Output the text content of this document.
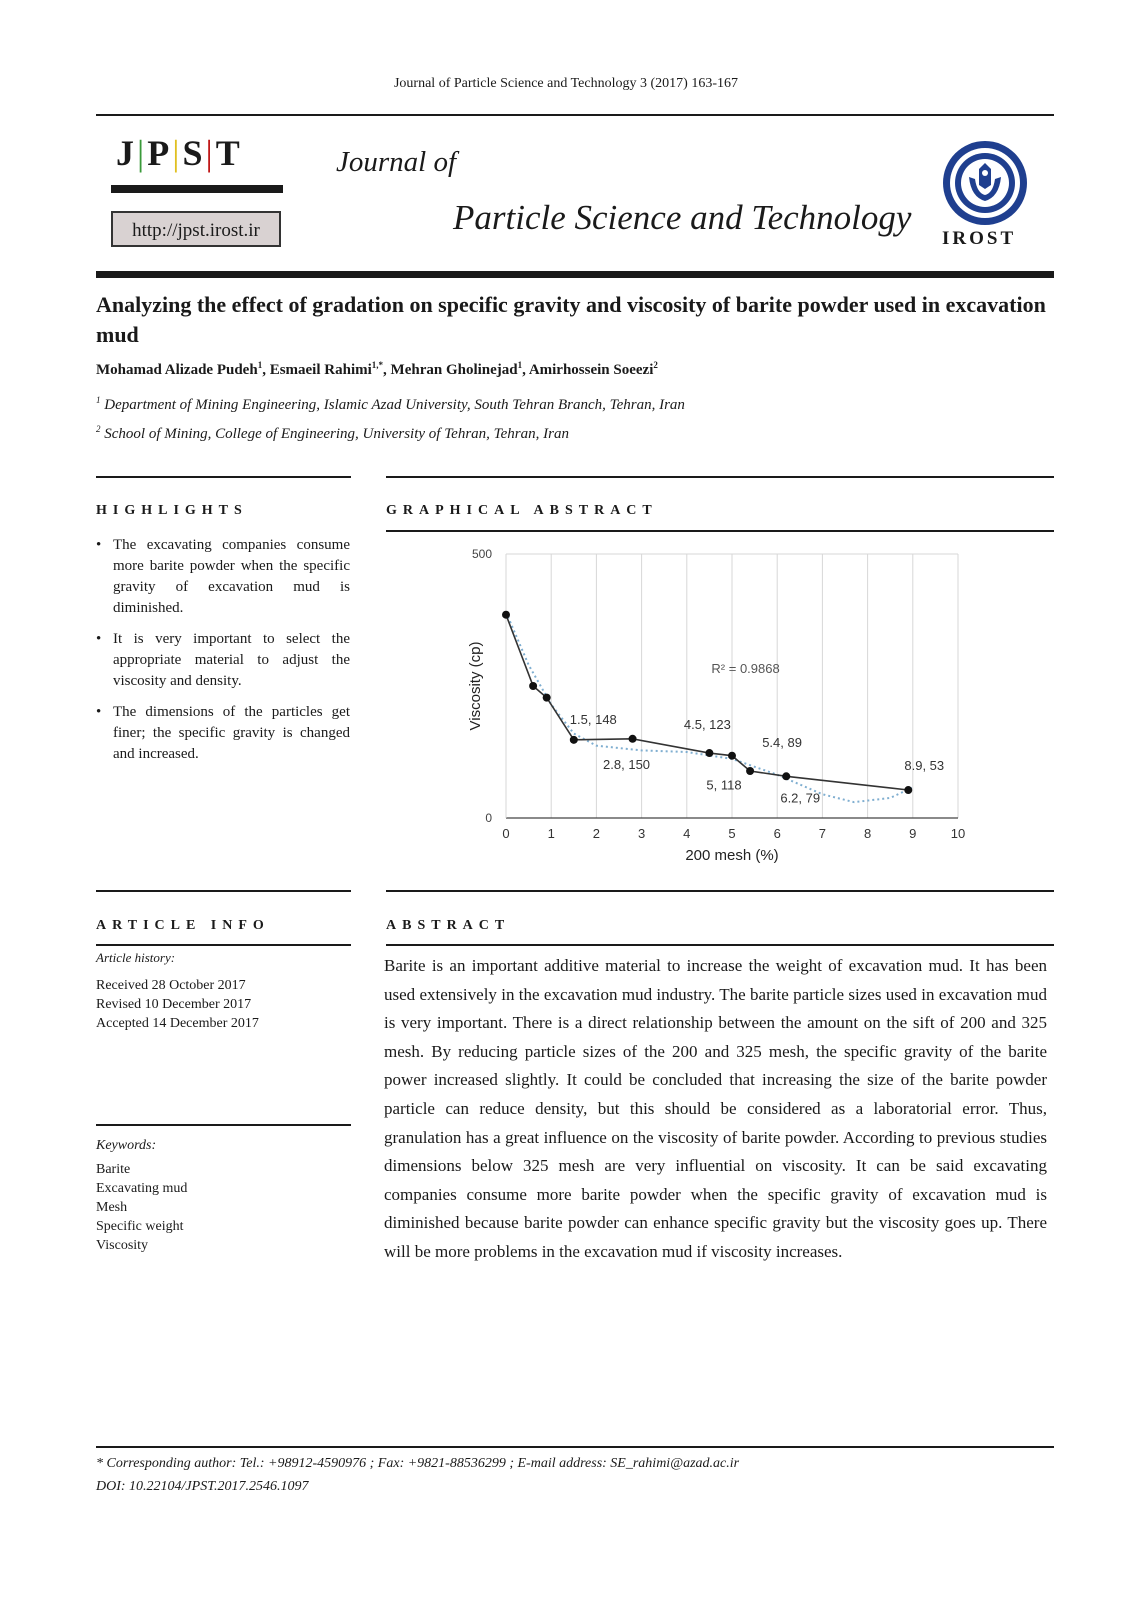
Journal of Particle Science and Technology 3 (2017) 163-167
J|P|S|T
http://jpst.irost.ir
Journal of
Particle Science and Technology
IROST
Analyzing the effect of gradation on specific gravity and viscosity of barite powder used in excavation mud
Mohamad Alizade Pudeh$^1$, Esmaeil Rahimi$^{1,*}$, Mehran Gholinejad$^1$, Amirhossein Soeezi$^2$
$^1$ Department of Mining Engineering, Islamic Azad University, South Tehran Branch, Tehran, Iran
$^2$ School of Mining, College of Engineering, University of Tehran, Tehran, Iran
HIGHLIGHTS
• The excavating companies consume more barite powder when the specific gravity of excavation mud is diminished.
• It is very important to select the appropriate material to adjust the viscosity and density.
• The dimensions of the particles get finer; the specific gravity is changed and increased.
GRAPHICAL ABSTRACT
0	1	2	3	4	5	6	7	8	9	10
0
500
200 mesh (%)
Viscosity (cp)	1.5, 148
2.8, 150
4.5, 123
5, 118
5.4, 89
6.2, 79
8.9, 53
R² = 0.9868
ARTICLE INFO
Article history:
Received 28 October 2017
Revised 10 December 2017
Accepted 14 December 2017
Keywords:
Barite
Excavating mud
Mesh
Specific weight
Viscosity
ABSTRACT
Barite is an important additive material to increase the weight of excavation mud. It has been used extensively in the excavation mud industry. The barite particle sizes used in excavation mud is very important. There is a direct relationship between the amount on the sift of 200 and 325 mesh. By reducing particle sizes of the 200 and 325 mesh, the specific gravity of the barite power increased slightly. It could be concluded that increasing the size of the barite powder particle can reduce density, but this should be considered as a laboratorial error. Thus, granulation has a great influence on the viscosity of barite powder. According to previous studies dimensions below 325 mesh are very influential on viscosity. It can be said excavating companies consume more barite powder when the specific gravity of excavation mud is diminished because barite powder can enhance specific gravity but the viscosity goes up. There will be more problems in the excavation mud if viscosity increases.
* Corresponding author: Tel.: +98912-4590976 ; Fax: +9821-88536299 ; E-mail address: SE_rahimi@azad.ac.ir
DOI: 10.22104/JPST.2017.2546.1097
